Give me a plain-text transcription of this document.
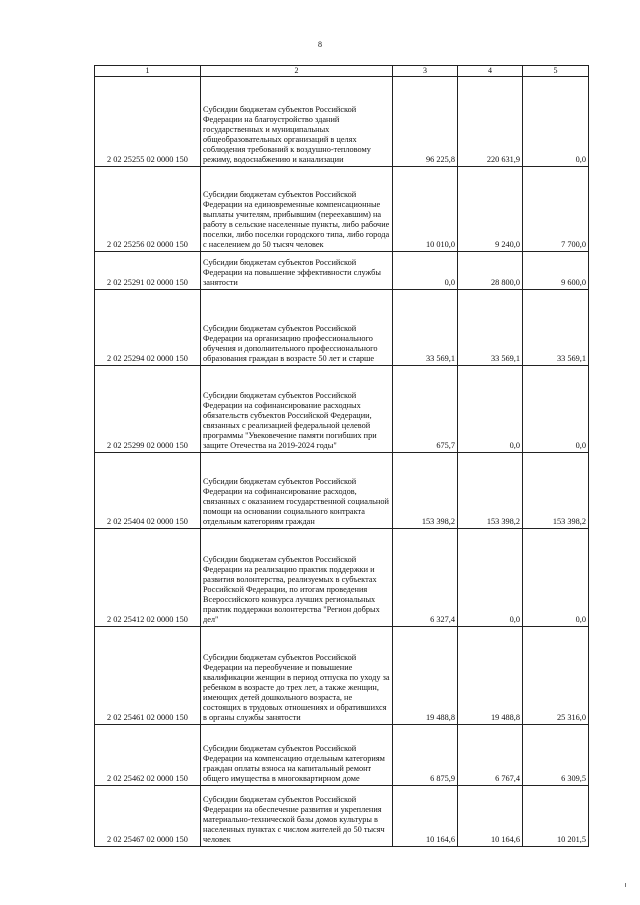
8
1	2	3	4	5
2 02 25255 02 0000 150	Субсидии бюджетам субъектов Российской Федерации на благоустройство зданий государственных и муниципальных общеобразовательных организаций в целях соблюдения требований к воздушно-тепловому режиму, водоснабжению и канализации	96 225,8	220 631,9	0,0
2 02 25256 02 0000 150	Субсидии бюджетам субъектов Российской Федерации на единовременные компенсационные выплаты учителям, прибывшим (переехавшим) на работу в сельские населенные пункты, либо рабочие поселки, либо поселки городского типа, либо города с населением до 50 тысяч человек	10 010,0	9 240,0	7 700,0
2 02 25291 02 0000 150	Субсидии бюджетам субъектов Российской Федерации на повышение эффективности службы занятости	0,0	28 800,0	9 600,0
2 02 25294 02 0000 150	Субсидии бюджетам субъектов Российской Федерации на организацию профессионального обучения и дополнительного профессионального образования граждан в возрасте 50 лет и старше	33 569,1	33 569,1	33 569,1
2 02 25299 02 0000 150	Субсидии бюджетам субъектов Российской Федерации на софинансирование расходных обязательств субъектов Российской Федерации, связанных с реализацией федеральной целевой программы "Увековечение памяти погибших при защите Отечества на 2019-2024 годы"	675,7	0,0	0,0
2 02 25404 02 0000 150	Субсидии бюджетам субъектов Российской Федерации на софинансирование расходов, связанных с оказанием государственной социальной помощи на основании социального контракта отдельным категориям граждан	153 398,2	153 398,2	153 398,2
2 02 25412 02 0000 150	Субсидии бюджетам субъектов Российской Федерации на реализацию практик поддержки и развития волонтерства, реализуемых в субъектах Российской Федерации, по итогам проведения Всероссийского конкурса лучших региональных практик поддержки волонтерства "Регион добрых дел"	6 327,4	0,0	0,0
2 02 25461 02 0000 150	Субсидии бюджетам субъектов Российской Федерации на переобучение и повышение квалификации женщин в период отпуска по уходу за ребенком в возрасте до трех лет, а также женщин, имеющих детей дошкольного возраста, не состоящих в трудовых отношениях и обратившихся в органы службы занятости	19 488,8	19 488,8	25 316,0
2 02 25462 02 0000 150	Субсидии бюджетам субъектов Российской Федерации на компенсацию отдельным категориям граждан оплаты взноса на капитальный ремонт общего имущества в многоквартирном доме	6 875,9	6 767,4	6 309,5
2 02 25467 02 0000 150	Субсидии бюджетам субъектов Российской Федерации на обеспечение развития и укрепления материально-технической базы домов культуры в населенных пунктах с числом жителей до 50 тысяч человек	10 164,6	10 164,6	10 201,5
